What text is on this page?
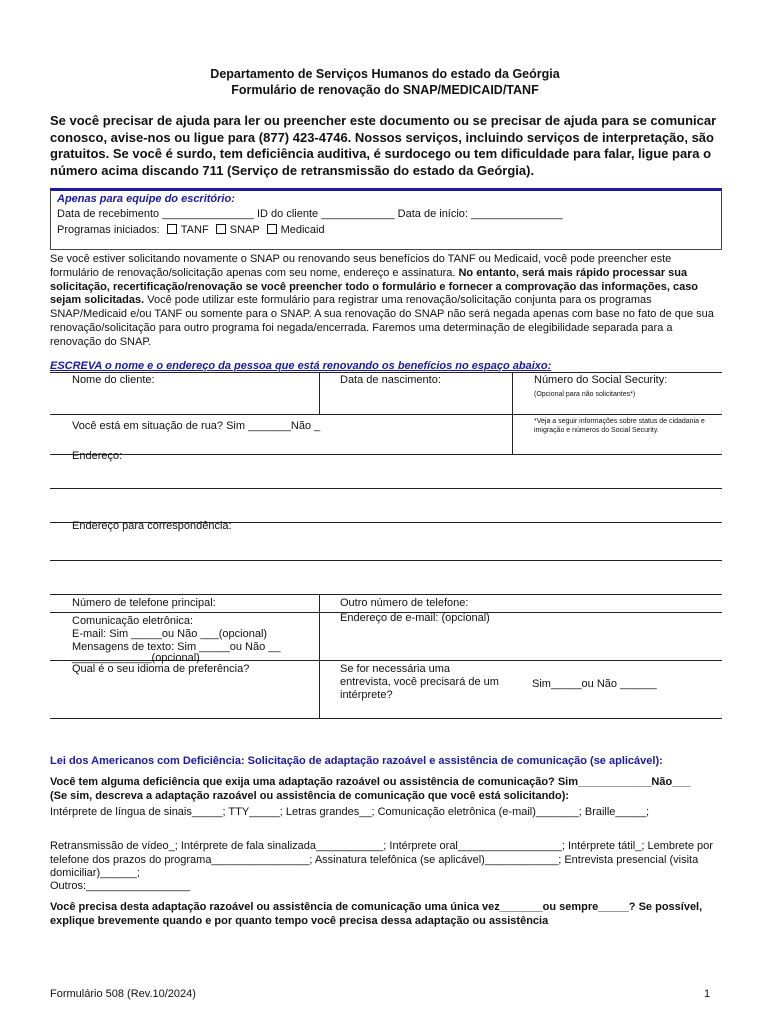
Departamento de Serviços Humanos do estado da Geórgia
Formulário de renovação do SNAP/MEDICAID/TANF
Se você precisar de ajuda para ler ou preencher este documento ou se precisar de ajuda para se comunicar conosco, avise-nos ou ligue para (877) 423-4746. Nossos serviços, incluindo serviços de interpretação, são gratuitos. Se você é surdo, tem deficiência auditiva, é surdocego ou tem dificuldade para falar, ligue para o número acima discando 711 (Serviço de retransmissão do estado da Geórgia).
Apenas para equipe do escritório:
Data de recebimento _______________ ID do cliente ____________ Data de início: _______________
Programas iniciados: TANF SNAP Medicaid
Se você estiver solicitando novamente o SNAP ou renovando seus benefícios do TANF ou Medicaid, você pode preencher este formulário de renovação/solicitação apenas com seu nome, endereço e assinatura. No entanto, será mais rápido processar sua solicitação, recertificação/renovação se você preencher todo o formulário e fornecer a comprovação das informações, caso sejam solicitadas. Você pode utilizar este formulário para registrar uma renovação/solicitação conjunta para os programas SNAP/Medicaid e/ou TANF ou somente para o SNAP. A sua renovação do SNAP não será negada apenas com base no fato de que sua renovação/solicitação para outro programa foi negada/encerrada. Faremos uma determinação de elegibilidade separada para a renovação do SNAP.
ESCREVA o nome e o endereço da pessoa que está renovando os benefícios no espaço abaixo:
Nome do cliente:	Data de nascimento:	Número do Social Security:
(Opcional para não solicitantes*)
Você está em situação de rua? Sim _______Não _	*Veja a seguir informações sobre status de cidadania e imigração e números do Social Security.
Endereço:
Endereço para correspondência:
Número de telefone principal:	Outro número de telefone:
Comunicação eletrônica:
E-mail: Sim _____ou Não ___(opcional)
Mensagens de texto: Sim _____ou Não __
_____________(opcional)
Endereço de e-mail: (opcional)
Qual é o seu idioma de preferência?	Se for necessária uma entrevista, você precisará de um intérprete?
Sim_____ou Não ______
Lei dos Americanos com Deficiência: Solicitação de adaptação razoável e assistência de comunicação (se aplicável):
Você tem alguma deficiência que exija uma adaptação razoável ou assistência de comunicação? Sim____________Não___
(Se sim, descreva a adaptação razoável ou assistência de comunicação que você está solicitando):
Intérprete de língua de sinais_____; TTY_____; Letras grandes__; Comunicação eletrônica (e-mail)_______; Braille_____;
Retransmissão de vídeo_; Intérprete de fala sinalizada___________; Intérprete oral_________________; Intérprete tátil_; Lembrete por telefone dos prazos do programa________________; Assinatura telefônica (se aplicável)____________; Entrevista presencial (visita domiciliar)______;
Outros:_________________
Você precisa desta adaptação razoável ou assistência de comunicação uma única vez_______ou sempre_____? Se possível, explique brevemente quando e por quanto tempo você precisa dessa adaptação ou assistência
Formulário 508 (Rev.10/2024)	1
